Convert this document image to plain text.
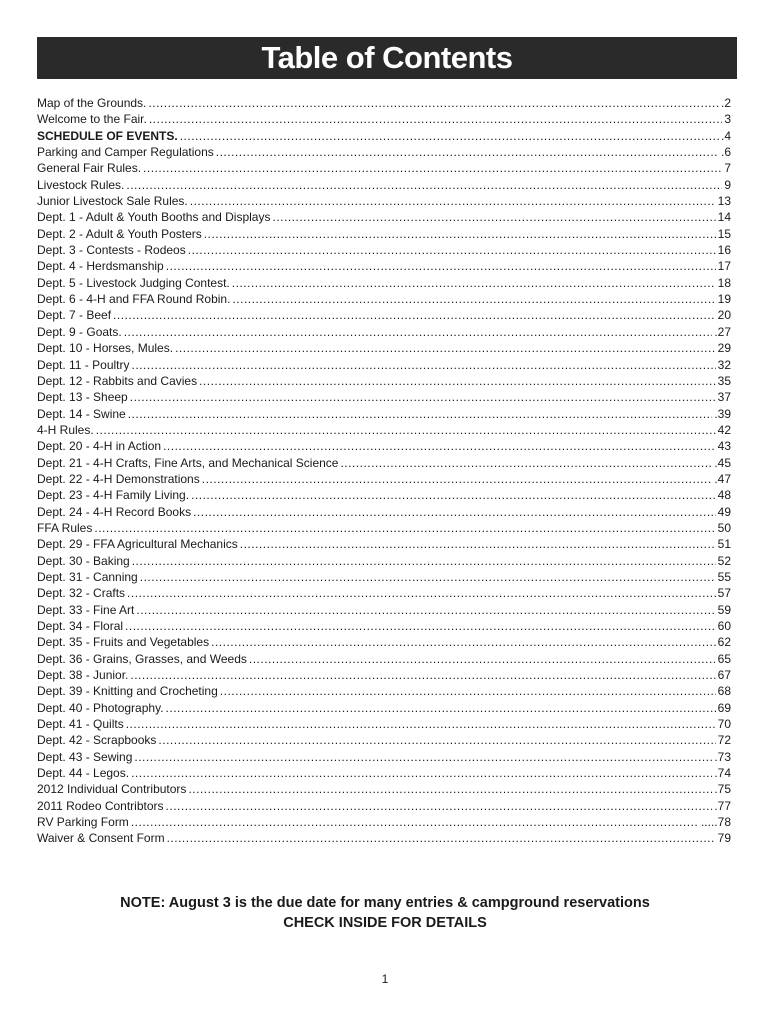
Table of Contents
Map of the Grounds. .....	.2
Welcome to the Fair. .....	3
SCHEDULE OF EVENTS. .....	.4
Parking and Camper Regulations .....	.6
General Fair Rules. .....	7
Livestock Rules. .....	9
Junior Livestock Sale Rules. .....	13
Dept. 1 - Adult & Youth Booths and Displays .....	14
Dept. 2 - Adult & Youth Posters .....	15
Dept. 3 - Contests - Rodeos .....	16
Dept. 4 - Herdsmanship .....	17
Dept. 5 - Livestock Judging Contest. .....	18
Dept. 6 - 4-H and FFA Round Robin. .....	19
Dept. 7 - Beef .....	20
Dept. 9 - Goats. .....	.27
Dept. 10 - Horses, Mules. .....	29
Dept. 11 - Poultry .....	32
Dept. 12 - Rabbits and Cavies .....	35
Dept. 13 - Sheep .....	37
Dept. 14 - Swine .....	.39
4-H Rules. .....	42
Dept. 20 - 4-H in Action .....	43
Dept. 21 - 4-H Crafts, Fine Arts, and Mechanical Science .....	.45
Dept. 22 - 4-H Demonstrations .....	.47
Dept. 23 - 4-H Family Living. .....	48
Dept. 24 - 4-H Record Books .....	49
FFA Rules .....	50
Dept. 29 - FFA Agricultural Mechanics .....	51
Dept. 30 - Baking .....	52
Dept. 31 - Canning .....	55
Dept. 32 - Crafts .....	57
Dept. 33 - Fine Art .....	59
Dept. 34 - Floral .....	60
Dept. 35 - Fruits and Vegetables .....	62
Dept. 36 - Grains, Grasses, and Weeds .....	65
Dept. 38 - Junior. .....	67
Dept. 39 - Knitting and Crocheting .....	68
Dept. 40 - Photography. .....	69
Dept. 41 - Quilts .....	70
Dept. 42 - Scrapbooks .....	72
Dept. 43 - Sewing .....	.73
Dept. 44 - Legos. .....	.74
2012 Individual Contributors .....	.75
2011 Rodeo Contribtors .....	.77
RV Parking Form .....	.....78
Waiver & Consent Form .....	79
NOTE: August 3 is the due date for many entries & campground reservations
CHECK INSIDE FOR DETAILS
1
